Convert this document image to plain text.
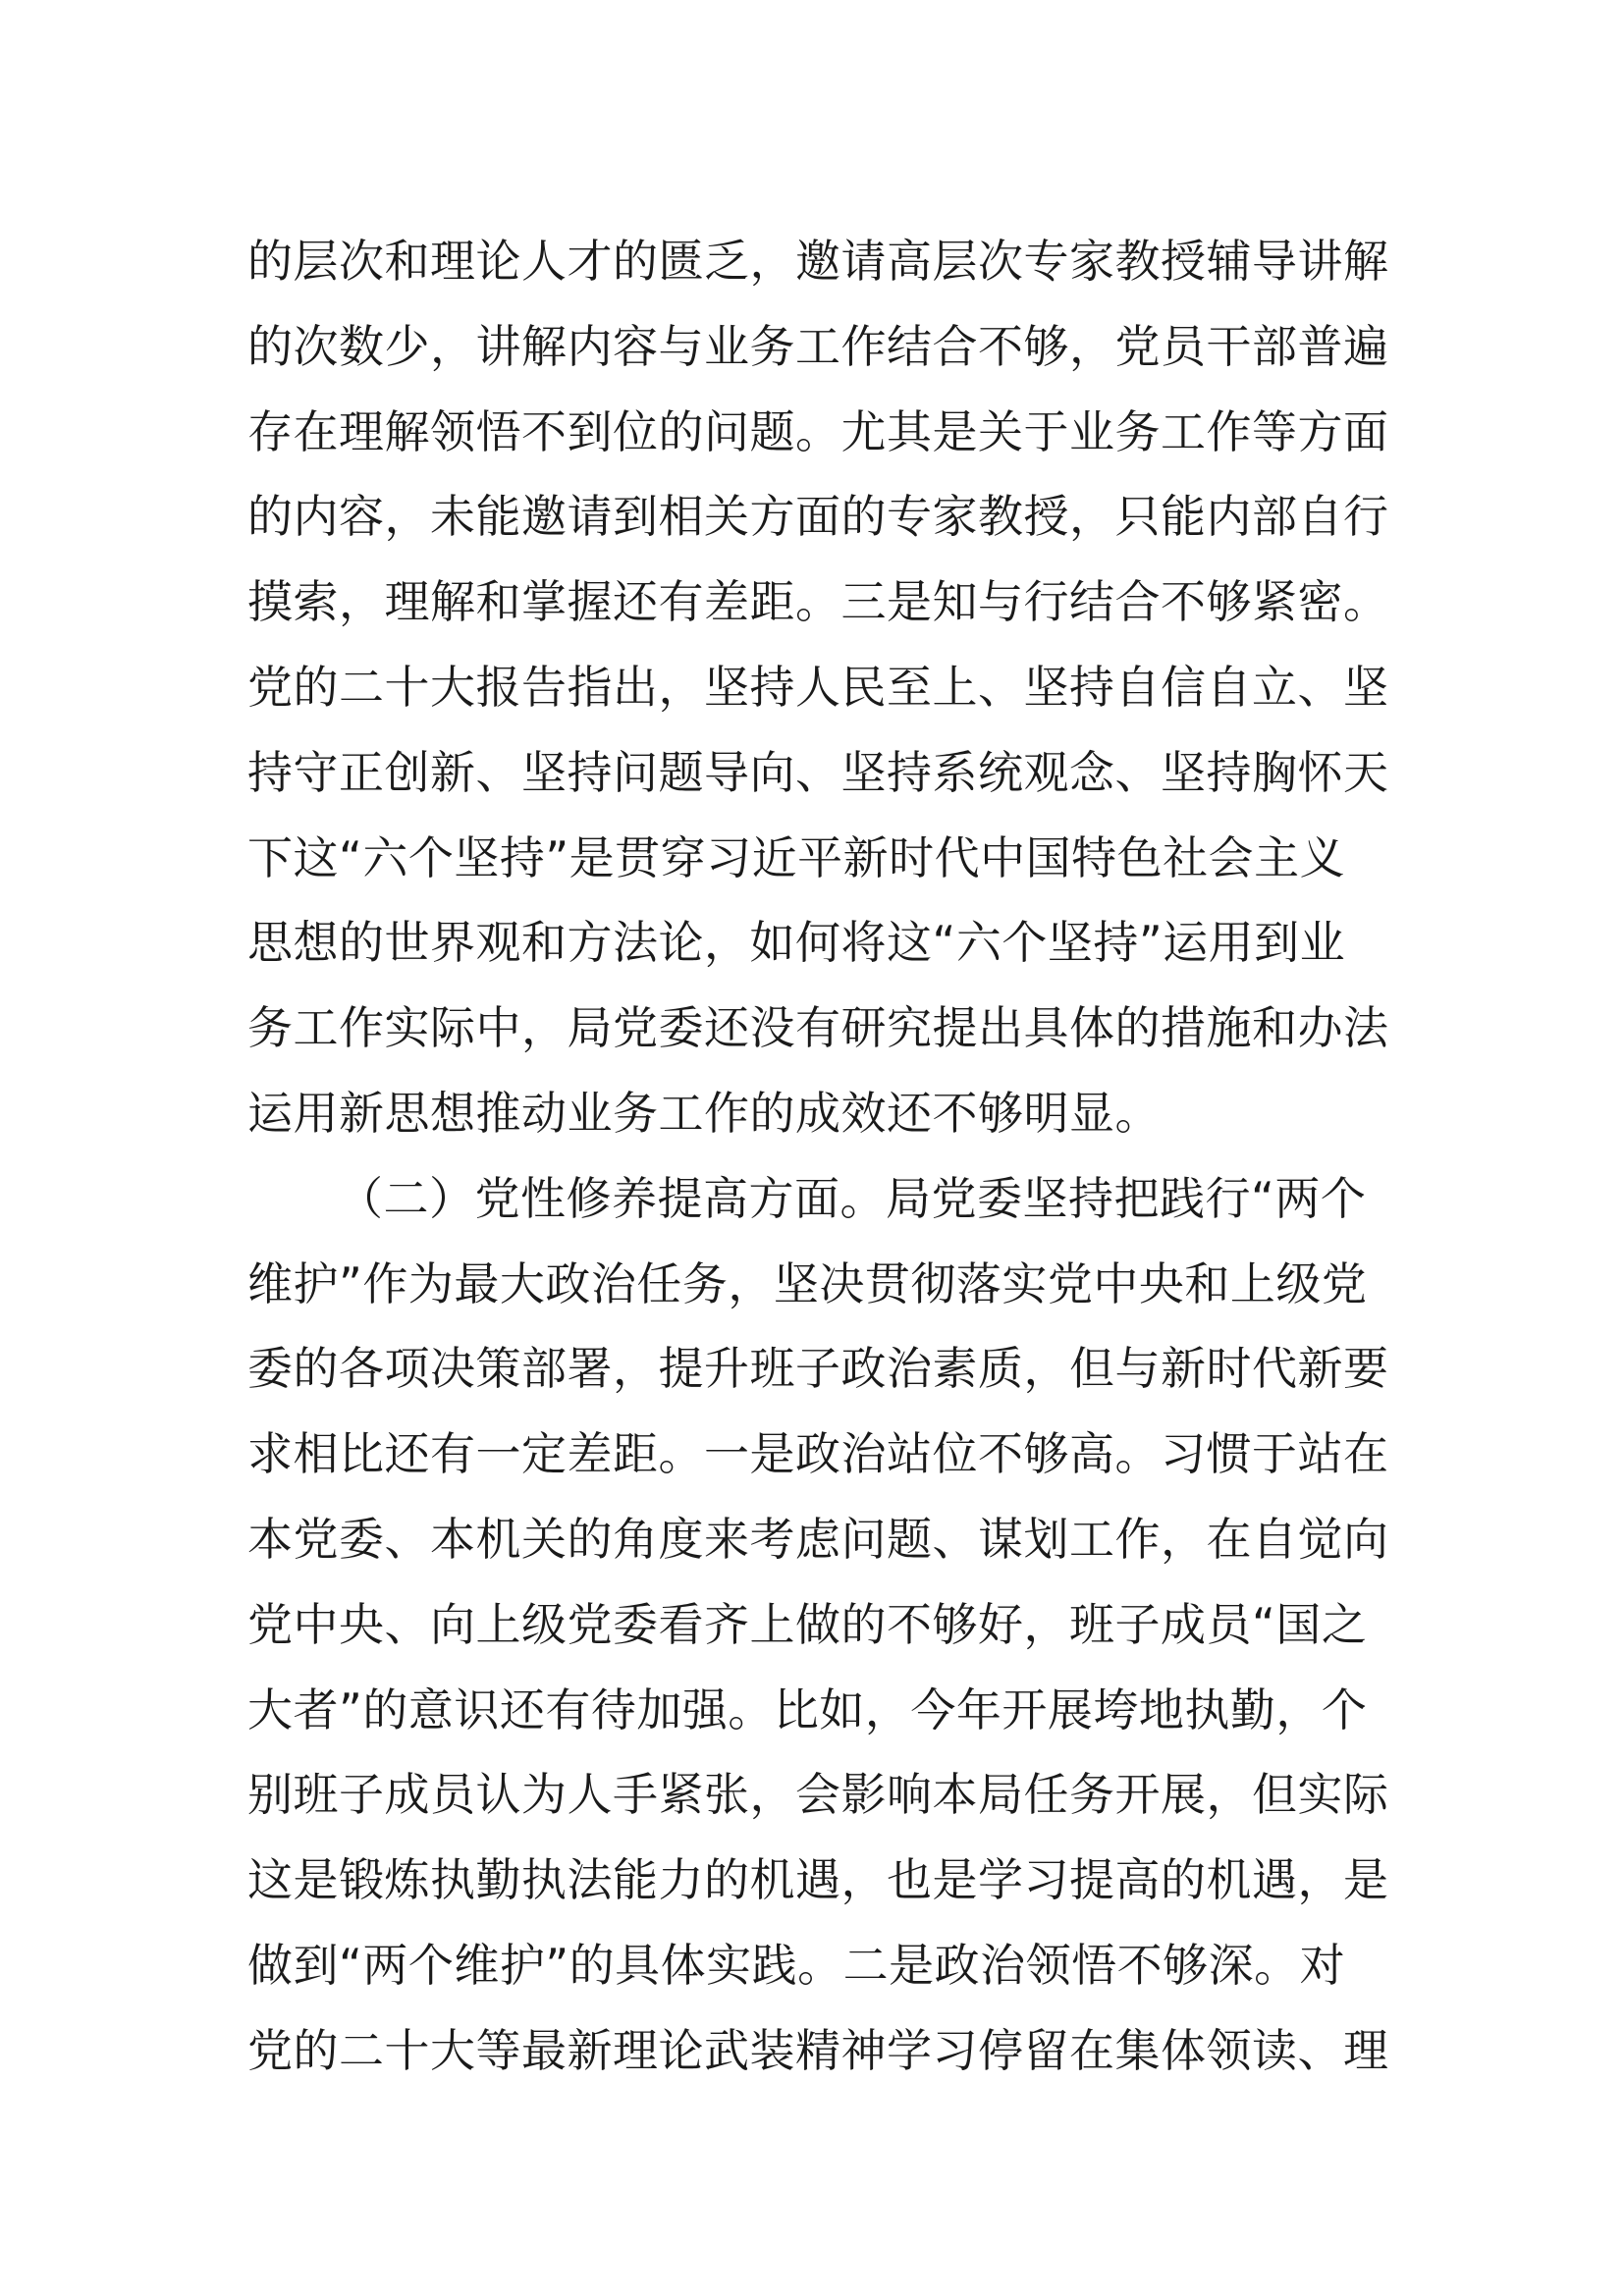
的层次和理论人才的匮乏，邀请高层次专家教授辅导讲解
的次数少，讲解内容与业务工作结合不够，党员干部普遍
存在理解领悟不到位的问题。尤其是关于业务工作等方面
的内容，未能邀请到相关方面的专家教授，只能内部自行
摸索，理解和掌握还有差距。三是知与行结合不够紧密。
党的二十大报告指出，坚持人民至上、坚持自信自立、坚
持守正创新、坚持问题导向、坚持系统观念、坚持胸怀天
下这“六个坚持”是贯穿习近平新时代中国特色社会主义
思想的世界观和方法论，如何将这“六个坚持”运用到业
务工作实际中，局党委还没有研究提出具体的措施和办法
运用新思想推动业务工作的成效还不够明显。
（二）党性修养提高方面。局党委坚持把践行“两个
维护”作为最大政治任务，坚决贯彻落实党中央和上级党
委的各项决策部署，提升班子政治素质，但与新时代新要
求相比还有一定差距。一是政治站位不够高。习惯于站在
本党委、本机关的角度来考虑问题、谋划工作，在自觉向
党中央、向上级党委看齐上做的不够好，班子成员“国之
大者”的意识还有待加强。比如，今年开展垮地执勤，个
别班子成员认为人手紧张，会影响本局任务开展，但实际
这是锻炼执勤执法能力的机遇，也是学习提高的机遇，是
做到“两个维护”的具体实践。二是政治领悟不够深。对
党的二十大等最新理论武装精神学习停留在集体领读、理
